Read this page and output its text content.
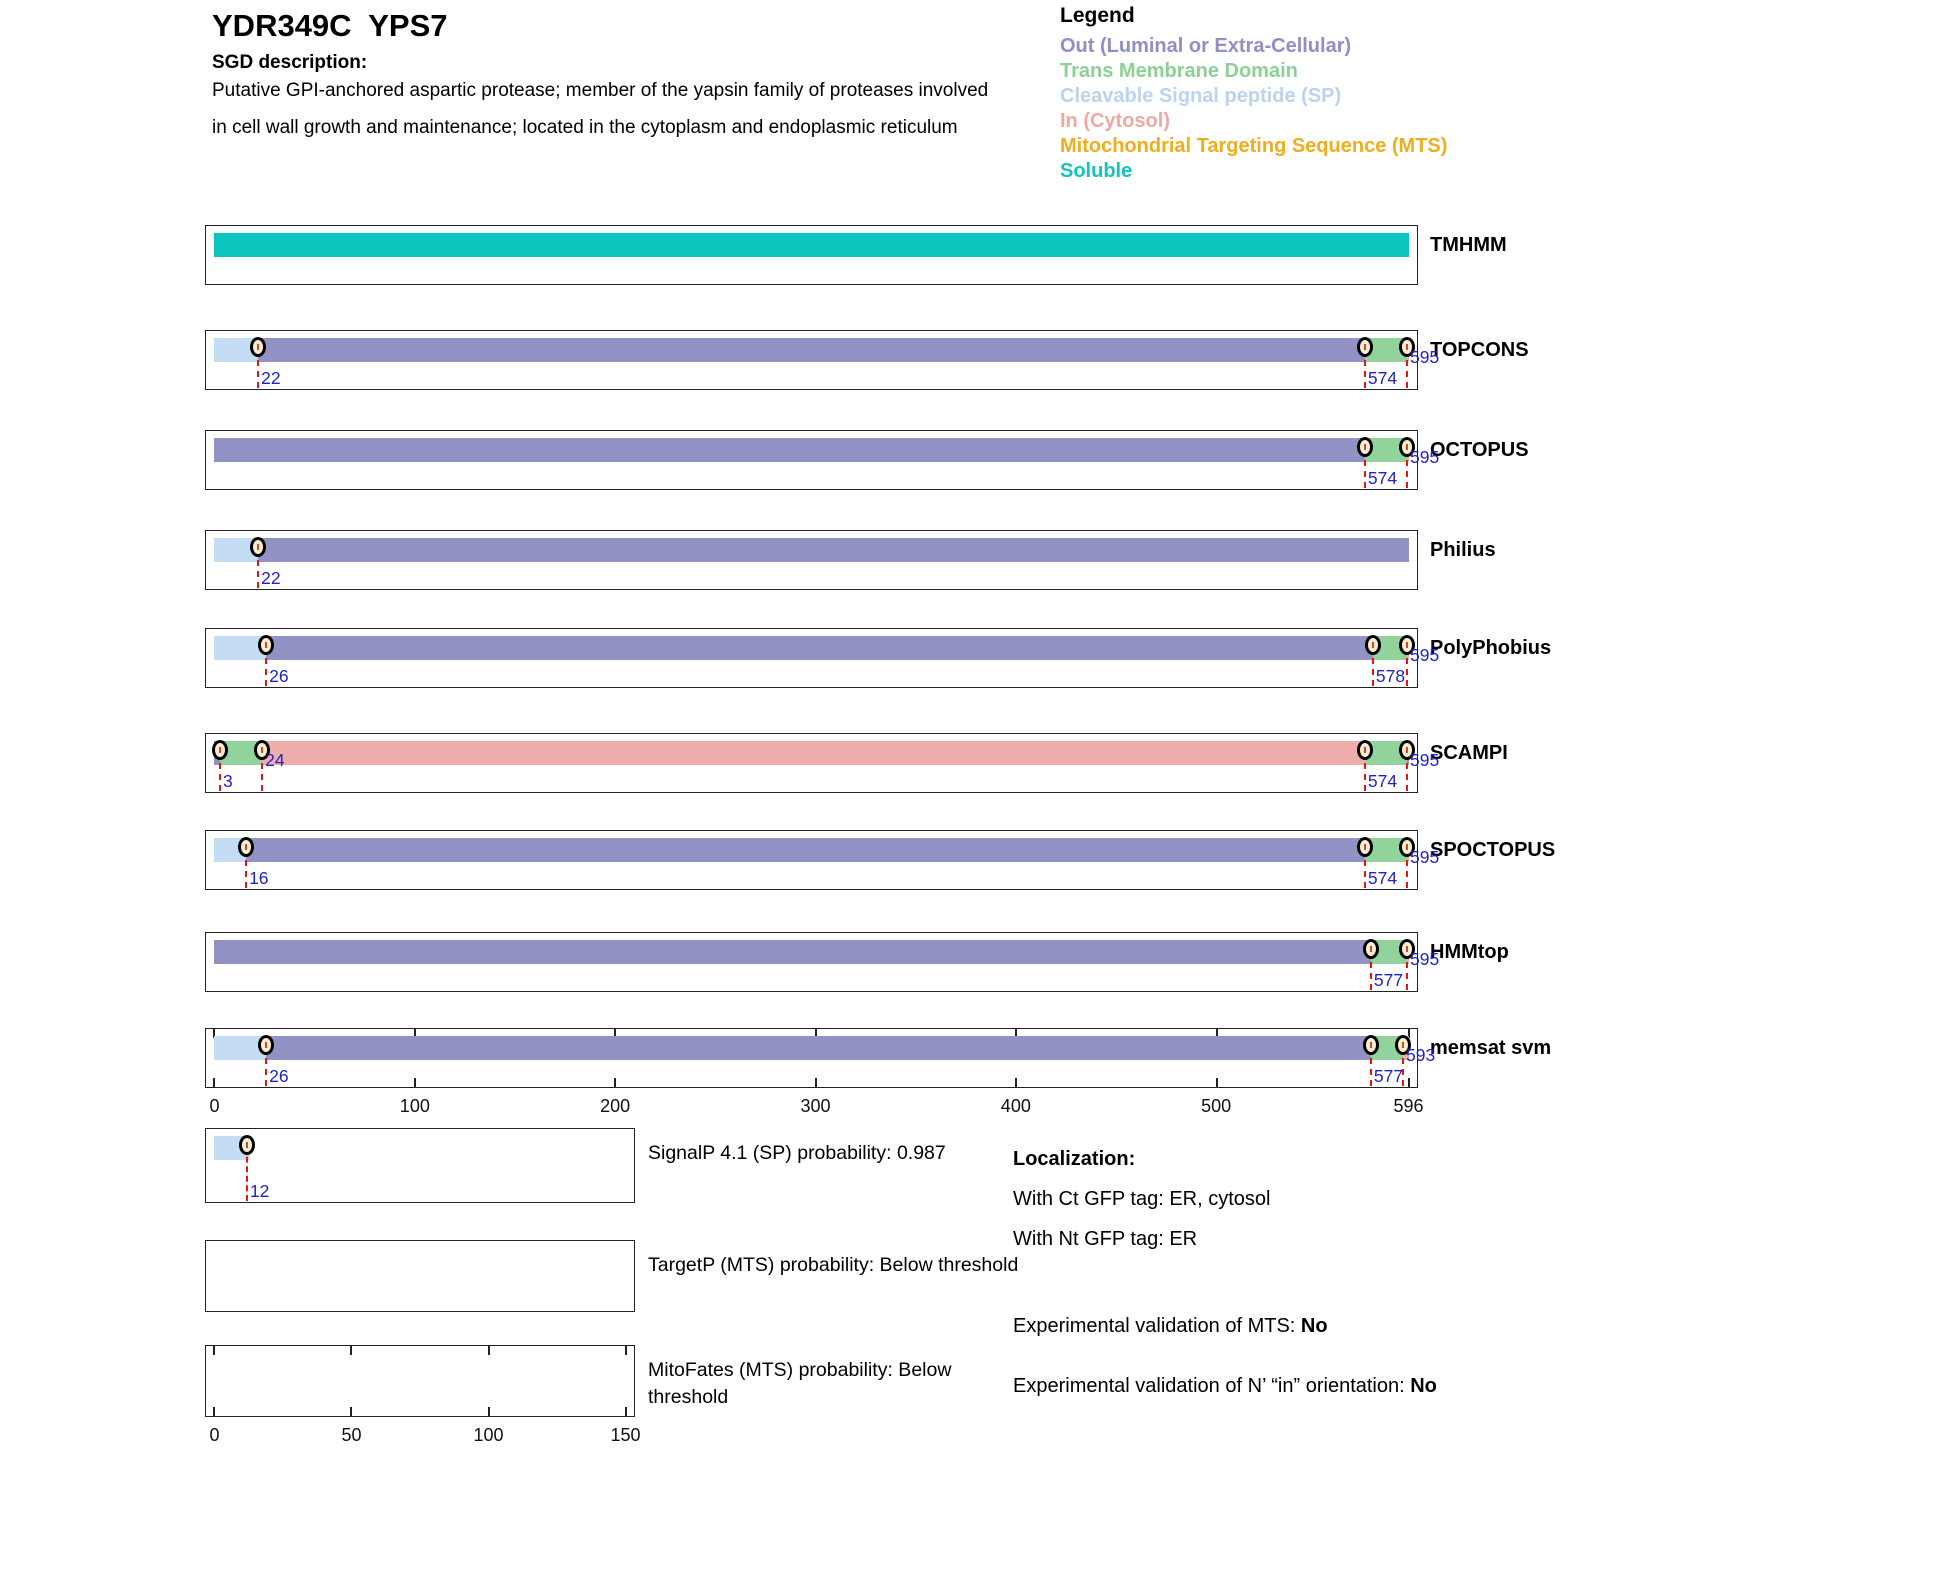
YDR349C  YPS7
SGD description:
Putative GPI-anchored aspartic protease; member of the yapsin family of proteases involved in cell wall growth and maintenance; located in the cytoplasm and endoplasmic reticulum
Legend
Out (Luminal or Extra-Cellular)
Trans Membrane Domain
Cleavable Signal peptide (SP)
In (Cytosol)
Mitochondrial Targeting Sequence (MTS)
Soluble
TMHMM
22	574
595
TOPCONS
574
595
OCTOPUS
22
Philius
26	578
595
PolyPhobius
3
24
574
595
SCAMPI
16	574
595
SPOCTOPUS
577
595
HMMtop
26	577
593
memsat svm
0	100	200	300	400	500	596
12
SignalP 4.1 (SP) probability: 0.987
TargetP (MTS) probability: Below threshold
MitoFates (MTS) probability: Below
threshold
0	50	100	150
Localization:
With Ct GFP tag: ER, cytosol
With Nt GFP tag: ER
Experimental validation of MTS: No
Experimental validation of N’ “in” orientation: No
